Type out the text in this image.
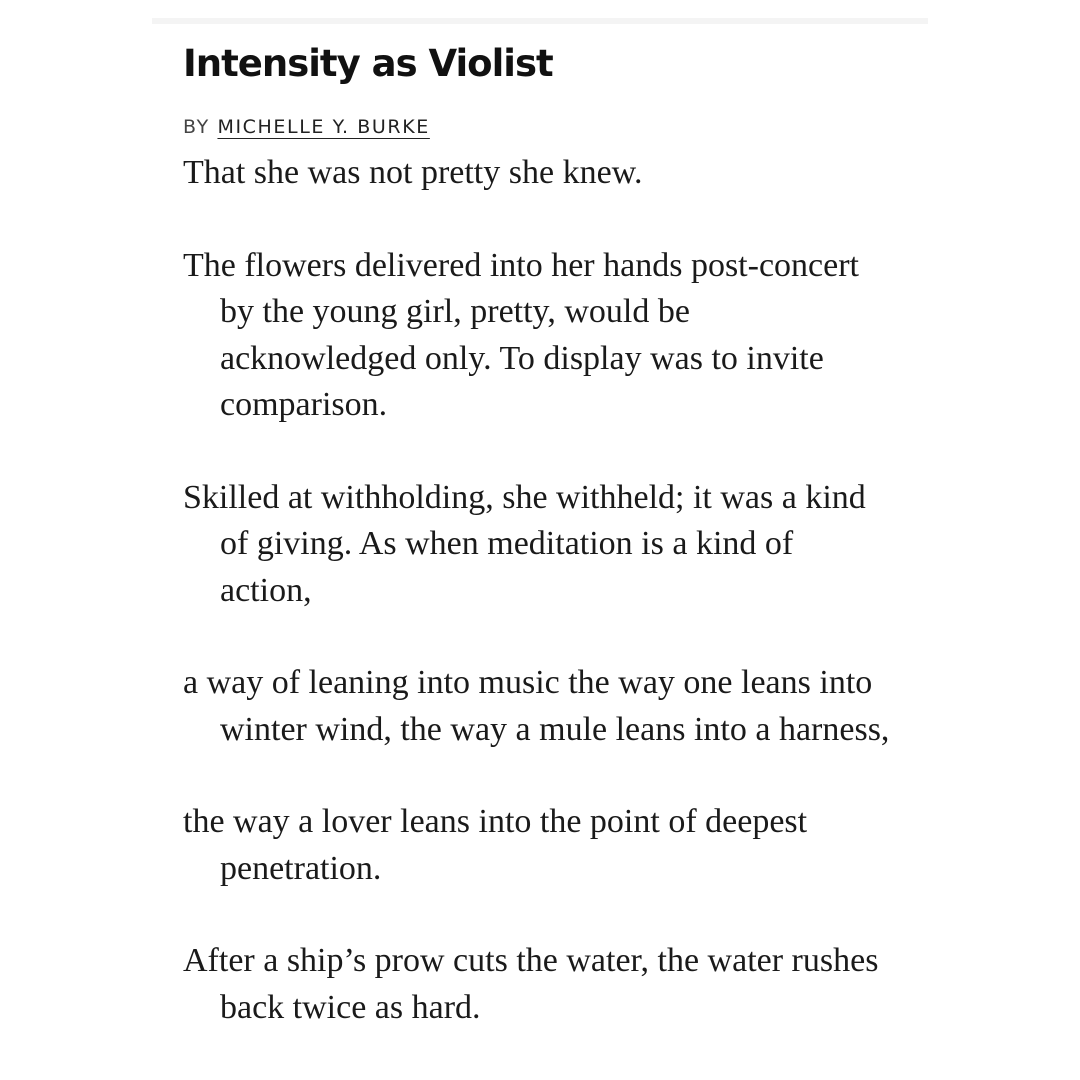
Intensity as Violist
BY MICHELLE Y. BURKE
That she was not pretty she knew.
The flowers delivered into her hands post-concert
by the young girl, pretty, would be
acknowledged only. To display was to invite
comparison.
Skilled at withholding, she withheld; it was a kind
of giving. As when meditation is a kind of
action,
a way of leaning into music the way one leans into
winter wind, the way a mule leans into a harness,
the way a lover leans into the point of deepest
penetration.
After a ship’s prow cuts the water, the water rushes
back twice as hard.
